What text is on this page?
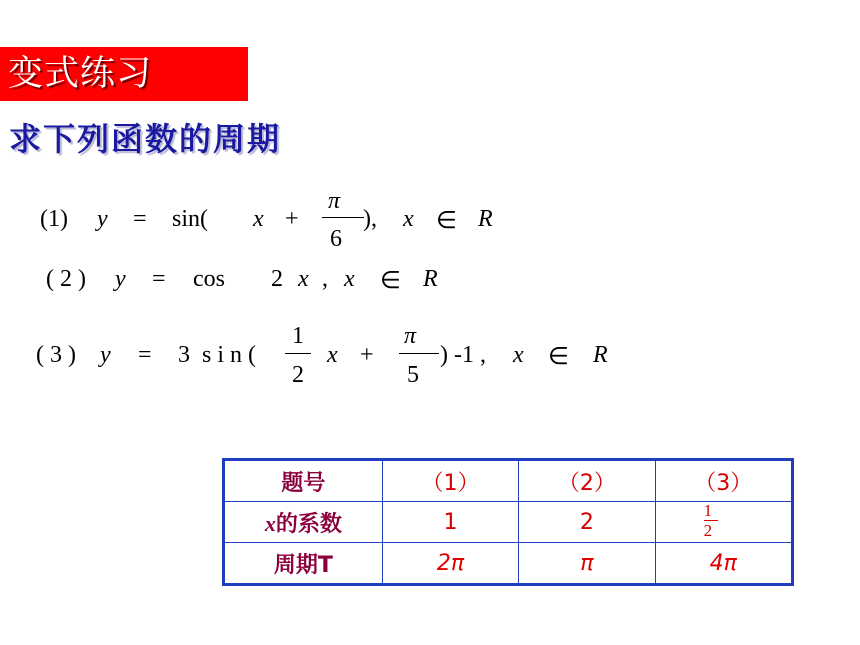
变式练习
求下列函数的周期

(1)

y

=

sin(

x

+

π

6

),

x

∈

R

( 2 )

y

=

cos

2

x

,

x

∈

R

( 3 )

y

=

3  s i n (

1

2

x

+

π

5

) -1 ,

x

∈

R

题号	（1）	（2）	（3）
x的系数	1	2	$\frac{1}{2}$
周期T	2π	π	4π
